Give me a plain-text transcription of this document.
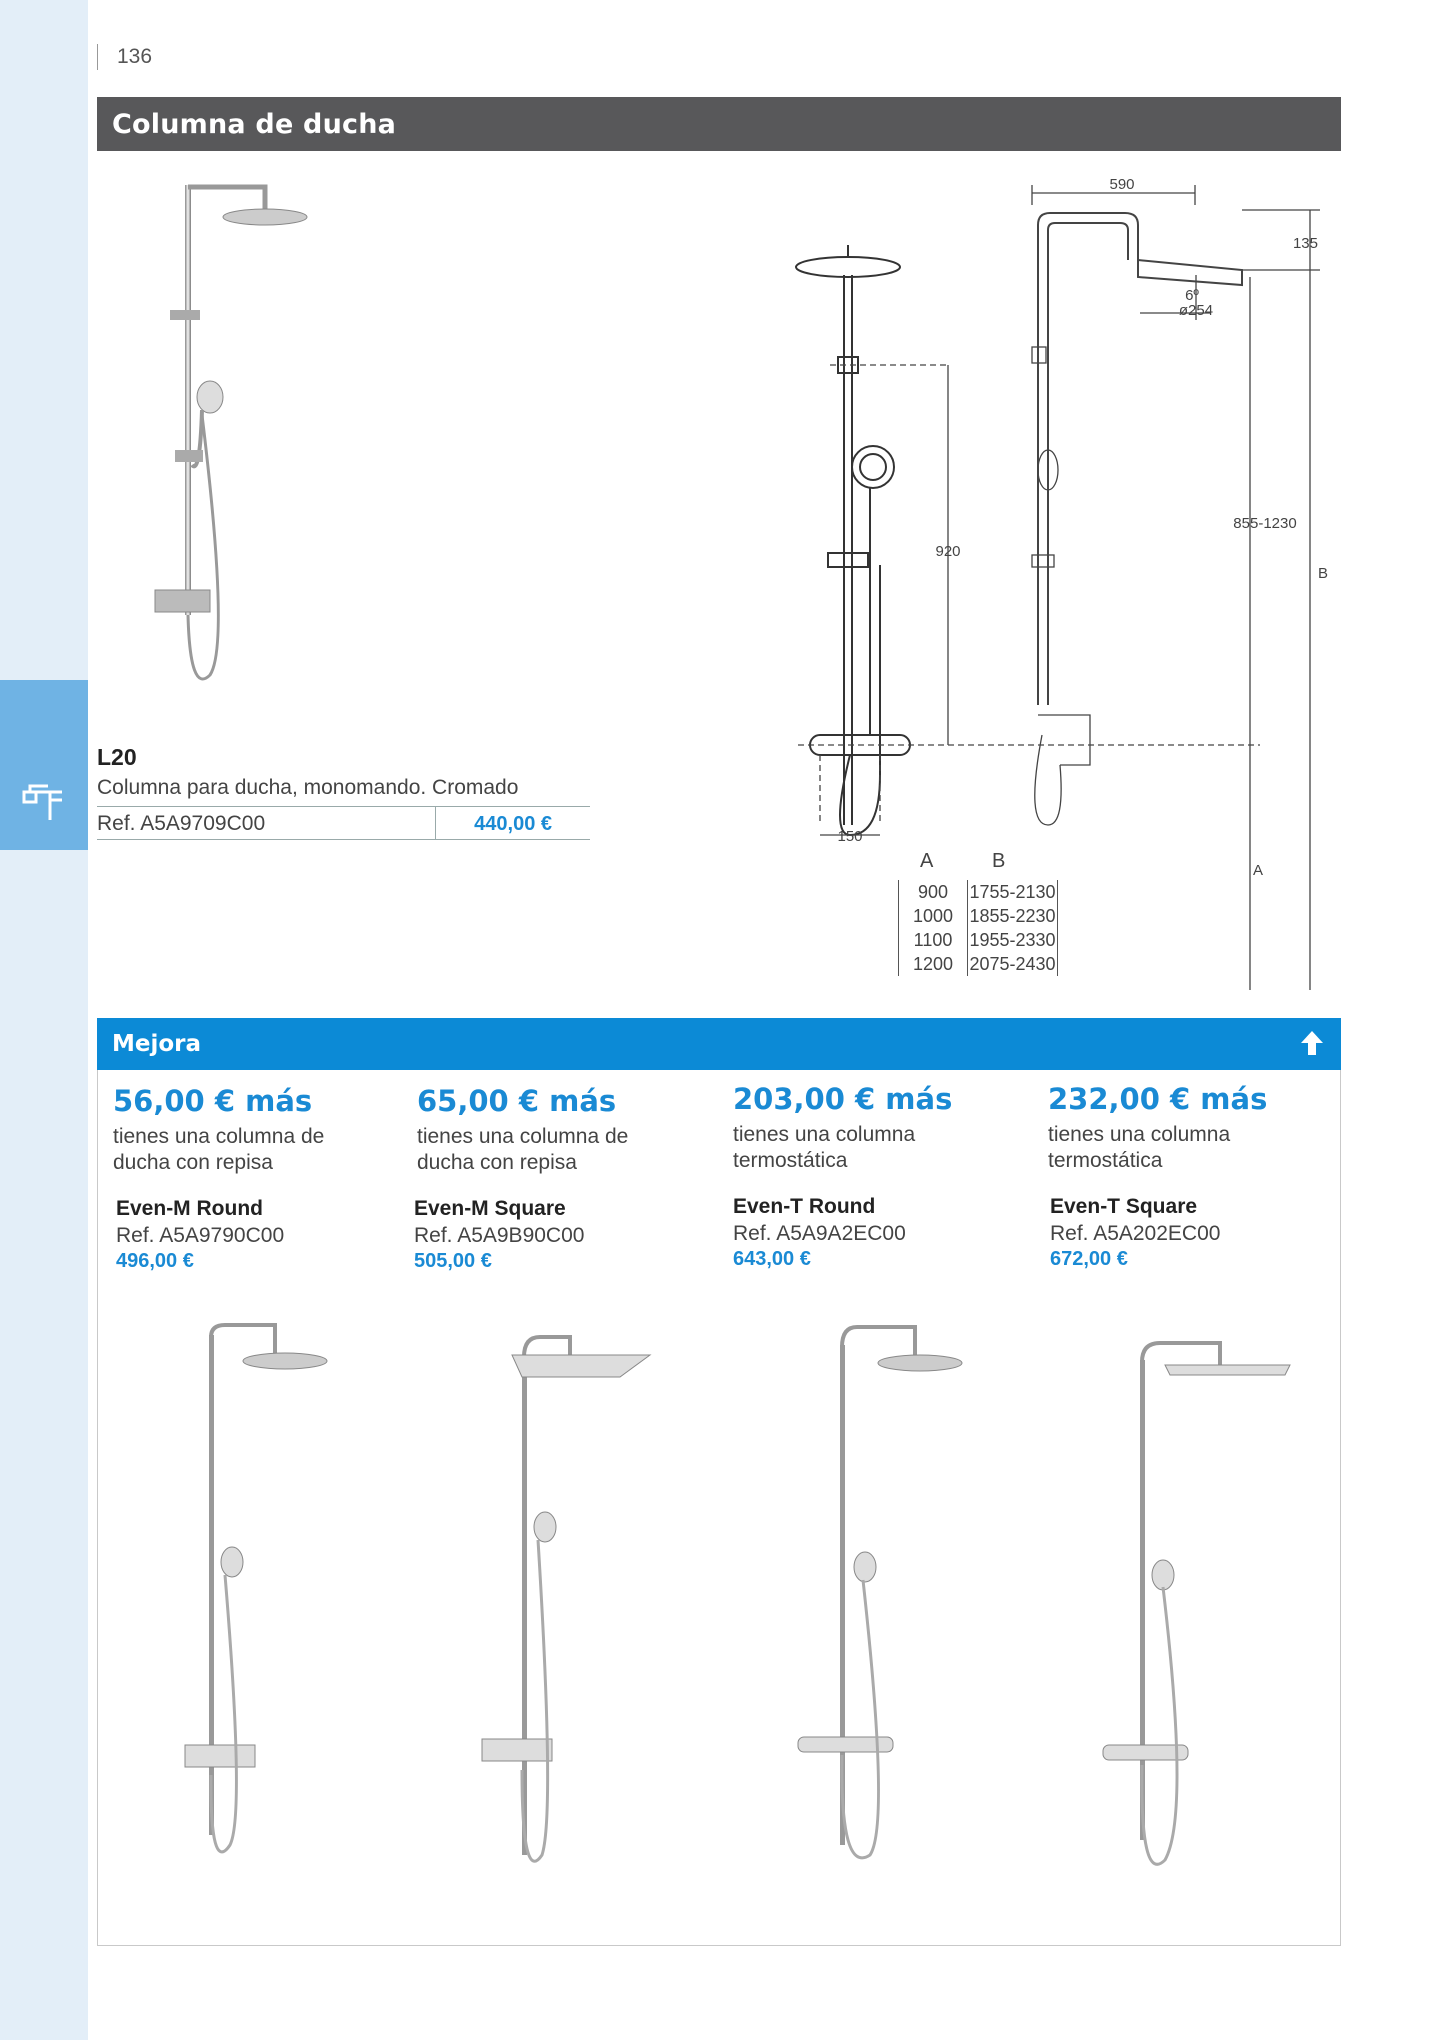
136
Columna de ducha
L20
Columna para ducha, monomando. Cromado
Ref. A5A9709C00	440,00 €
590
135
6º
ø254
855-1230
920
B
A
150
A	B
900
1000
1100
1200
1755-2130
1855-2230
1955-2330
2075-2430
Mejora
56,00 € más
tienes una columna de ducha con repisa
Even-M Round
Ref. A5A9790C00
496,00 €
65,00 € más
tienes una columna de ducha con repisa
Even-M Square
Ref. A5A9B90C00
505,00 €
203,00 € más
tienes una columna termostática
Even-T Round
Ref. A5A9A2EC00
643,00 €
232,00 € más
tienes una columna termostática
Even-T Square
Ref. A5A202EC00
672,00 €
